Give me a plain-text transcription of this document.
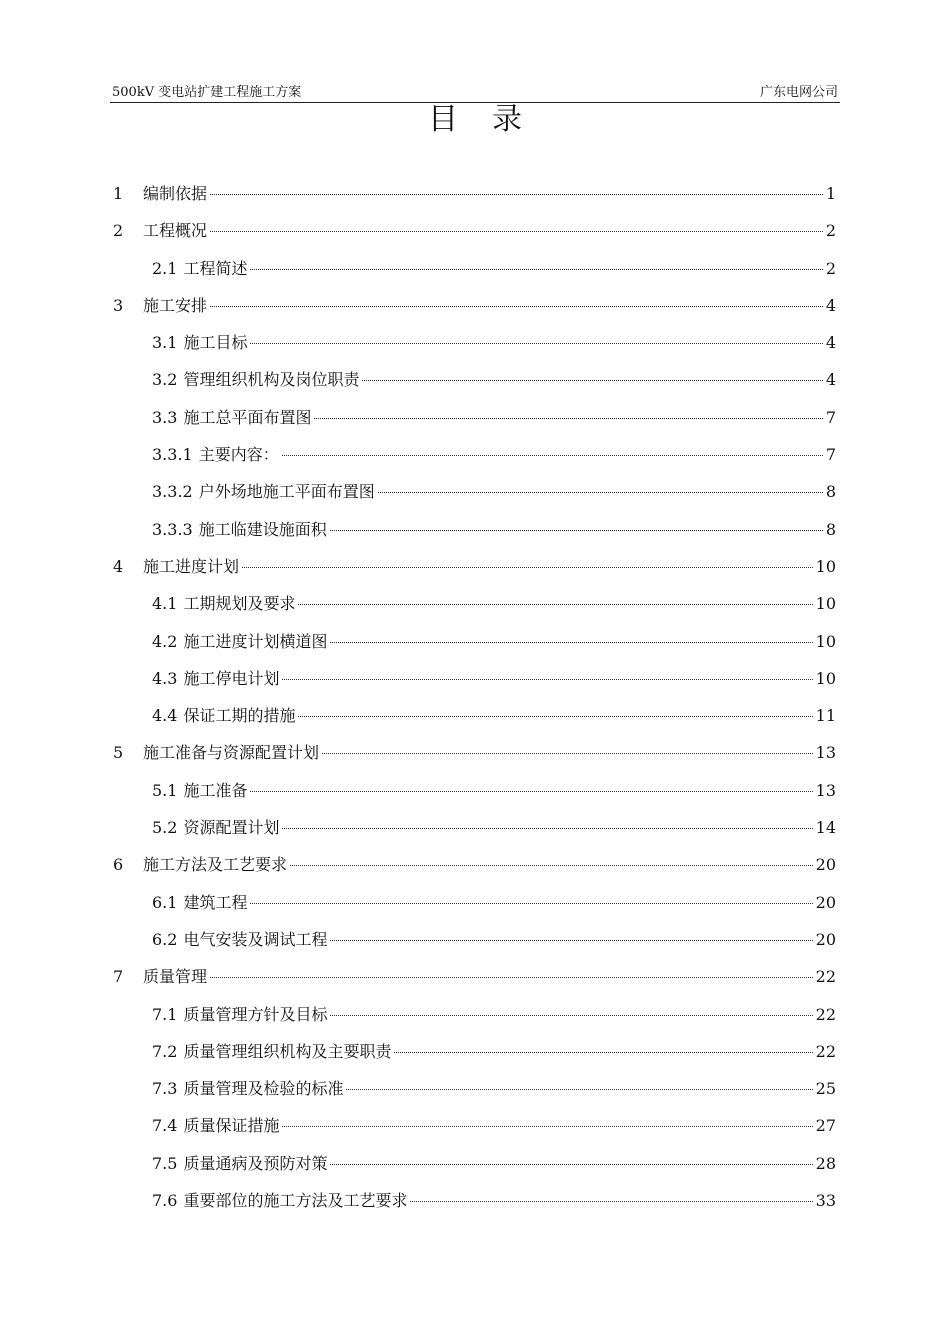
500kV 变电站扩建工程施工方案	广东电网公司
目录
1	编制依据	1
2	工程概况	2
2.1 工程简述	2
3	施工安排	4
3.1 施工目标	4
3.2 管理组织机构及岗位职责	4
3.3 施工总平面布置图	7
3.3.1 主要内容：	7
3.3.2 户外场地施工平面布置图	8
3.3.3 施工临建设施面积	8
4	施工进度计划	10
4.1 工期规划及要求	10
4.2 施工进度计划横道图	10
4.3 施工停电计划	10
4.4 保证工期的措施	11
5	施工准备与资源配置计划	13
5.1 施工准备	13
5.2 资源配置计划	14
6	施工方法及工艺要求	20
6.1 建筑工程	20
6.2 电气安装及调试工程	20
7	质量管理	22
7.1 质量管理方针及目标	22
7.2 质量管理组织机构及主要职责	22
7.3 质量管理及检验的标准	25
7.4 质量保证措施	27
7.5 质量通病及预防对策	28
7.6 重要部位的施工方法及工艺要求	33
